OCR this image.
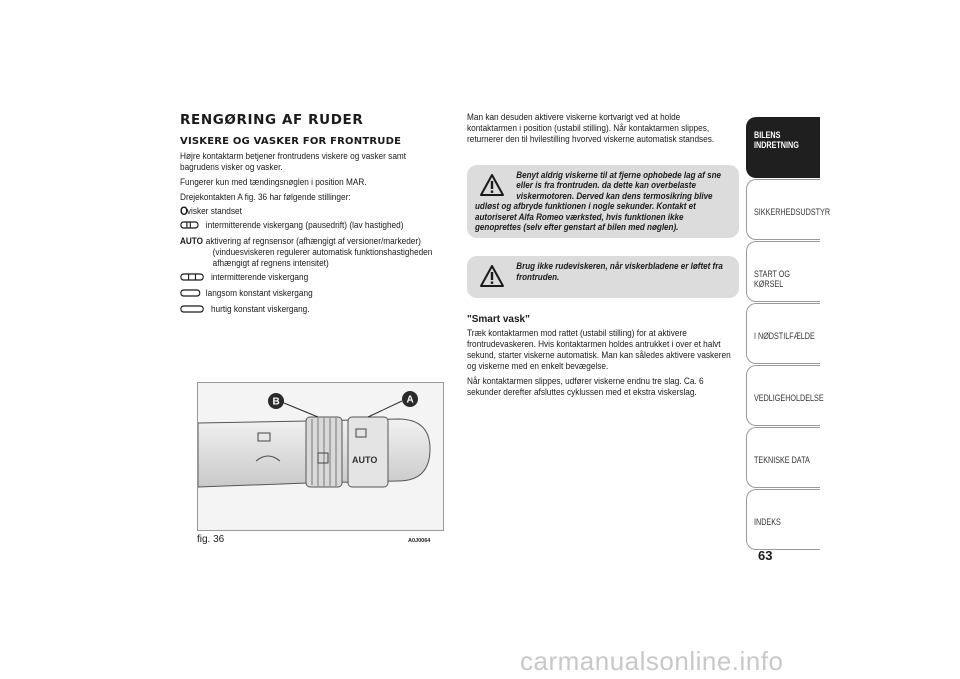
RENGØRING AF RUDER
VISKERE OG VASKER FOR FRONTRUDE
Højre kontaktarm betjener frontrudens viskere og vasker samt
bagrudens visker og vasker.
Fungerer kun med tændingsnøglen i position MAR.
Drejekontakten A fig. 36 har følgende stillinger:
O
visker standset
intermitterende viskergang (pausedrift) (lav hastighed)
AUTO aktivering af regnsensor (afhængigt af versioner/markeder)
(vinduesviskeren regulerer automatisk funktionshastigheden
afhængigt af regnens intensitet)
intermitterende viskergang
langsom konstant viskergang
hurtig konstant viskergang.
AUTO
B	A
fig. 36	A0J0064
Man kan desuden aktivere viskerne kortvarigt ved at holde
kontaktarmen i position (ustabil stilling). Når kontaktarmen slippes,
returnerer den til hvilestilling hvorved viskerne automatisk standses.
Benyt aldrig viskerne til at fjerne ophobede lag af sne
eller is fra frontruden. da dette kan overbelaste
viskermotoren. Derved kan dens termosikring blive
udløst og afbryde funktionen i nogle sekunder. Kontakt et
autoriseret Alfa Romeo værksted, hvis funktionen ikke
genoprettes (selv efter genstart af bilen med nøglen).
Brug ikke rudeviskeren, når viskerbladene er løftet fra
frontruden.
"Smart vask"
Træk kontaktarmen mod rattet (ustabil stilling) for at aktivere
frontrudevaskeren. Hvis kontaktarmen holdes antrukket i over et halvt
sekund, starter viskerne automatisk. Man kan således aktivere vaskeren
og viskerne med en enkelt bevægelse.
Når kontaktarmen slippes, udfører viskerne endnu tre slag. Ca. 6
sekunder derefter afsluttes cyklussen med et ekstra viskerslag.
BILENS
INDRETNING
SIKKERHEDSUDSTYR
START OG KØRSEL
I NØDSTILFÆLDE
VEDLIGEHOLDELSE
TEKNISKE DATA
INDEKS
63
carmanualsonline.info
